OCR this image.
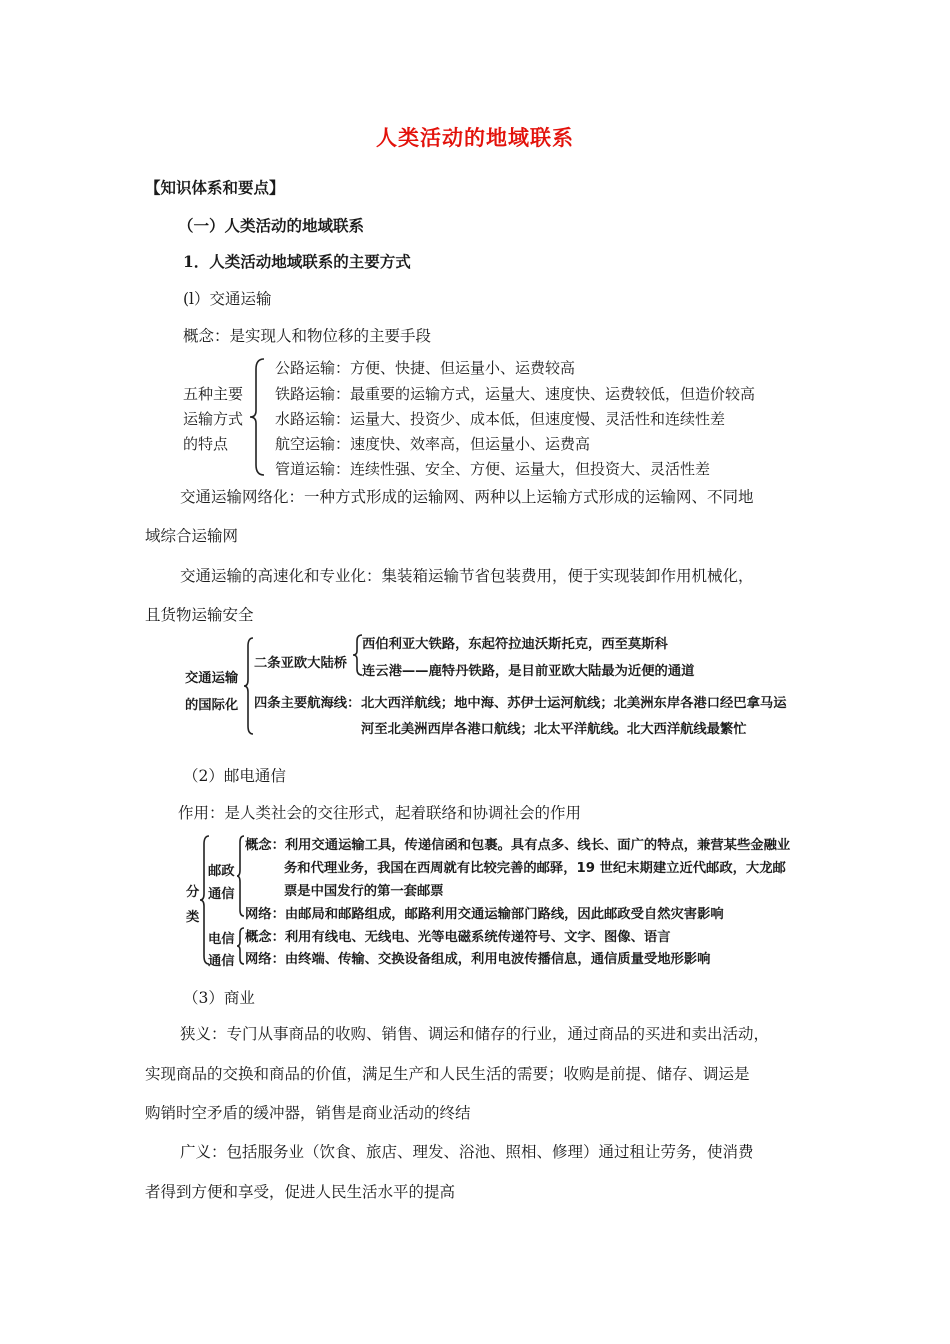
人类活动的地域联系
【知识体系和要点】
（一）人类活动的地域联系
1．人类活动地域联系的主要方式
(l）交通运输
概念：是实现人和物位移的主要手段
五种主要
运输方式
的特点
公路运输：方便、快捷、但运量小、运费较高
铁路运输：最重要的运输方式，运量大、速度快、运费较低，但造价较高
水路运输：运量大、投资少、成本低，但速度慢、灵活性和连续性差
航空运输：速度快、效率高，但运量小、运费高
管道运输：连续性强、安全、方便、运量大，但投资大、灵活性差
交通运输网络化：一种方式形成的运输网、两种以上运输方式形成的运输网、不同地
域综合运输网
交通运输的高速化和专业化：集装箱运输节省包装费用，便于实现装卸作用机械化，
且货物运输安全
交通运输
的国际化
二条亚欧大陆桥
西伯利亚大铁路，东起符拉迪沃斯托克，西至莫斯科
连云港——鹿特丹铁路，是目前亚欧大陆最为近便的通道
四条主要航海线： 北大西洋航线；地中海、苏伊士运河航线；北美洲东岸各港口经巴拿马运
河至北美洲西岸各港口航线；北太平洋航线。北大西洋航线最繁忙
（2）邮电通信
作用：是人类社会的交往形式，起着联络和协调社会的作用
分
类
邮政
通信
概念：利用交通运输工具，传递信函和包裹。具有点多、线长、面广的特点，兼营某些金融业
务和代理业务，我国在西周就有比较完善的邮驿，19 世纪末期建立近代邮政，大龙邮
票是中国发行的第一套邮票
网络：由邮局和邮路组成，邮路利用交通运输部门路线，因此邮政受自然灾害影响
电信
通信
概念：利用有线电、无线电、光等电磁系统传递符号、文字、图像、语言
网络：由终端、传输、交换设备组成，利用电波传播信息，通信质量受地形影响
（3）商业
狭义：专门从事商品的收购、销售、调运和储存的行业，通过商品的买进和卖出活动，
实现商品的交换和商品的价值，满足生产和人民生活的需要；收购是前提、储存、调运是
购销时空矛盾的缓冲器，销售是商业活动的终结
广义：包括服务业（饮食、旅店、理发、浴池、照相、修理）通过租让劳务，使消费
者得到方便和享受，促进人民生活水平的提高
